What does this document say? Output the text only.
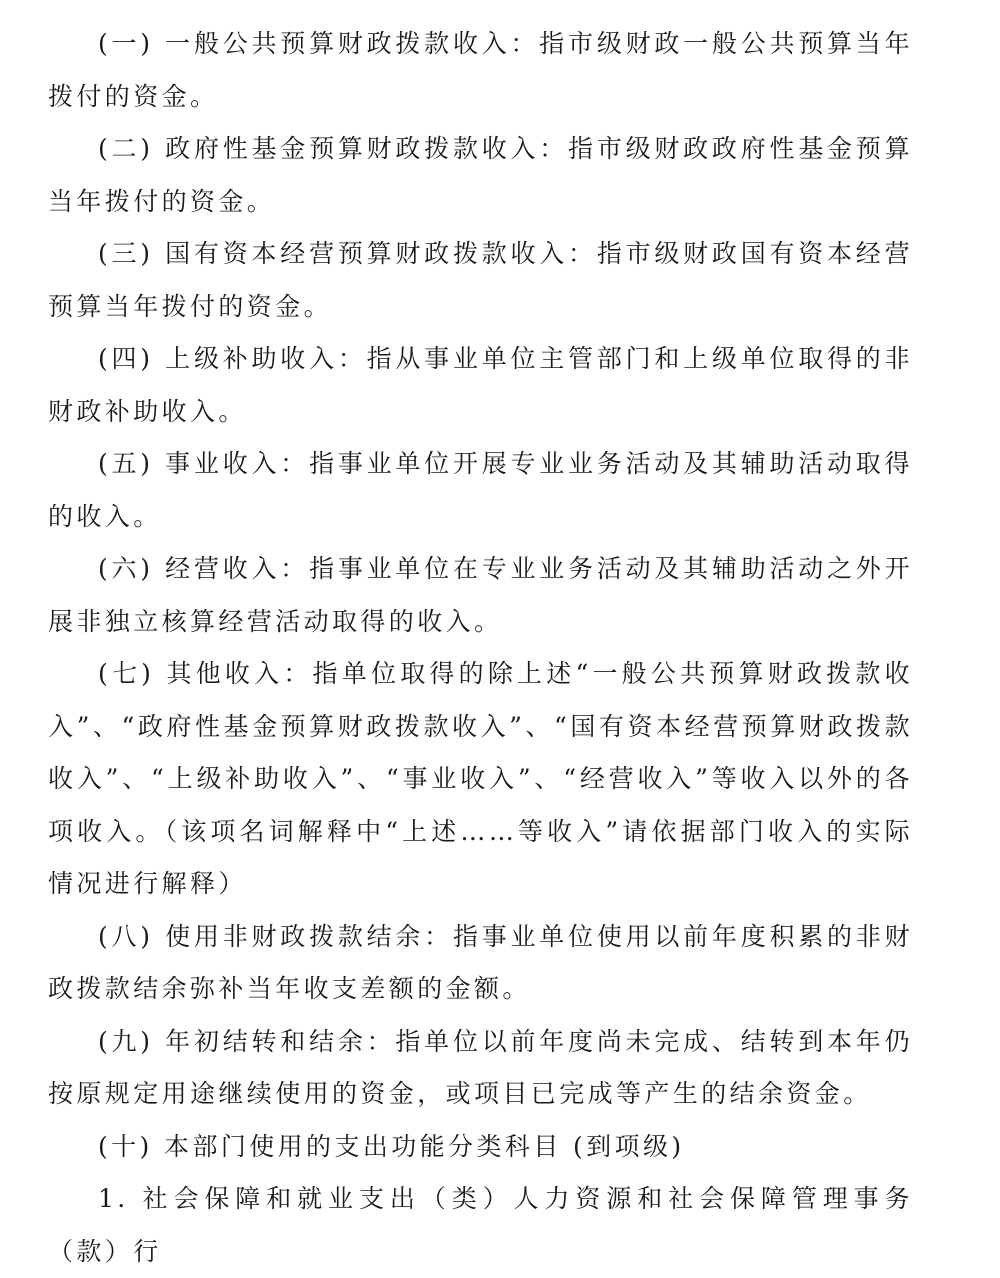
(一) 一般公共预算财政拨款收入：指市级财政一般公共预算当年拨付的资金。

(二) 政府性基金预算财政拨款收入：指市级财政政府性基金预算当年拨付的资金。

(三) 国有资本经营预算财政拨款收入：指市级财政国有资本经营预算当年拨付的资金。

(四) 上级补助收入：指从事业单位主管部门和上级单位取得的非财政补助收入。

(五) 事业收入：指事业单位开展专业业务活动及其辅助活动取得的收入。

(六) 经营收入：指事业单位在专业业务活动及其辅助活动之外开展非独立核算经营活动取得的收入。

(七) 其他收入：指单位取得的除上述“一般公共预算财政拨款收入”、“政府性基金预算财政拨款收入”、“国有资本经营预算财政拨款收入”、“上级补助收入”、“事业收入”、“经营收入”等收入以外的各项收入。（该项名词解释中“上述……等收入”请依据部门收入的实际情况进行解释）

(八) 使用非财政拨款结余：指事业单位使用以前年度积累的非财政拨款结余弥补当年收支差额的金额。

(九) 年初结转和结余：指单位以前年度尚未完成、结转到本年仍按原规定用途继续使用的资金，或项目已完成等产生的结余资金。

(十) 本部门使用的支出功能分类科目 (到项级)

1. 社会保障和就业支出（类）人力资源和社会保障管理事务（款）行
